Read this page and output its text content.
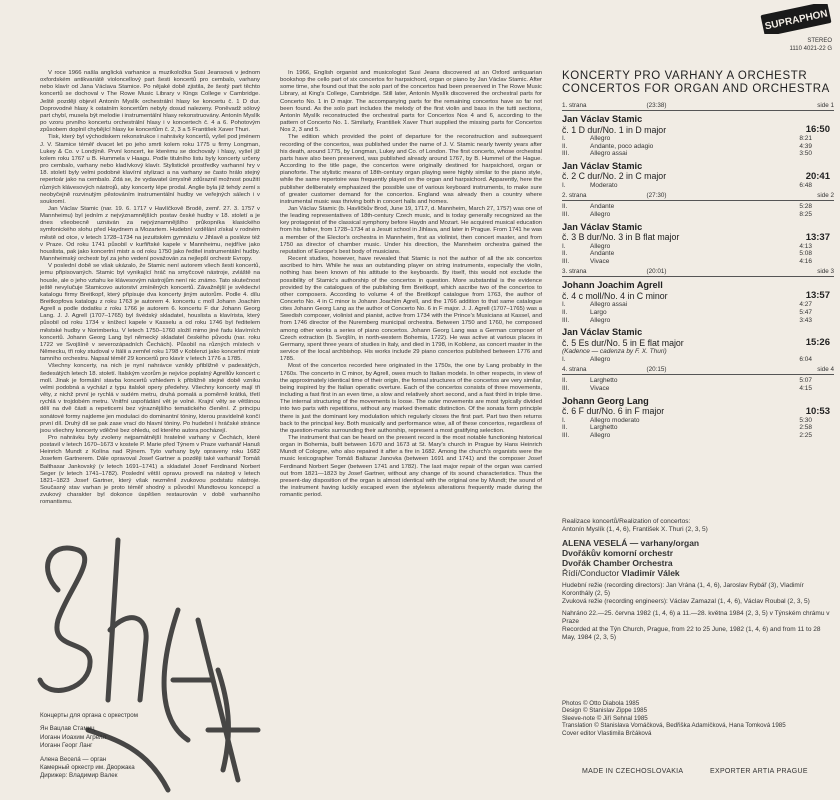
SUPRAPHON
STEREO
1110 4021-22 G

V roce 1966 našla anglická varhanice a muzikoložka Susi Jeansová v jednom oxfordském antikvariátě violoncellový part šesti koncertů pro cembalo, varhany nebo klavír od Jana Václava Stamice. Po nějaké době zjistila, že šestý part těchto koncertů se dochoval v The Rowe Music Library v Kings College v Cambridge. Ještě později objevil Antonín Myslík orchestrální hlasy ke koncertu č. 1 D dur. Doprovodné hlasy k ostatním koncertům nebyly dosud nalezeny. Poněvadž sólový part chybí, musela být melodie i instrumentální hlasy rekonstruovány. Antonín Myslík po vzoru prvního koncertu orchestrální hlasy i v koncertech č. 4 a 6. Pohotovým způsobem doplnil chybějící hlasy ke koncertům č. 2, 3 a 5 František Xaver Thuri.

Tisk, který byl východiskem rekonstrukce i nahrávky koncertů, vyšel pod jménem J. V. Stamice téměř dvacet let po jeho smrti kolem roku 1775 u firmy Longman, Lukey & Co. v Londýně. První koncert, ke kterému se dochovaly i hlasy, vyšel již kolem roku 1767 u B. Hummela v Haagu. Podle titulního listu byly koncerty určeny pro cembalo, varhany nebo kladívkový klavír. Stylistické prostředky varhanní hry v 18. století byly velmi podobné klavírní stylizaci a na varhany se často hrálo stejný repertoár jako na cembalo. Zdá se, že vydavatel úmyslně zdůraznil možnost použití různých klávesových nástrojů, aby koncerty lépe prodal. Anglie byla již tehdy zemí s neobyčejně rozvinutým pěstováním instrumentální hudby ve veřejných sálech i v soukromí.

Jan Václav Stamic (nar. 19. 6. 1717 v Havlíčkově Brodě, zemř. 27. 3. 1757 v Mannheimu) byl jedním z nejvýznamnějších postav české hudby v 18. století a je dnes všeobecně uznáván za nejvýznamnějšího průkopníka klasického symfonického slohu před Haydnem a Mozartem. Hudební vzdělání získal v rodném městě od otce, v letech 1728–1734 na jezuitském gymnáziu v Jihlavě a posléze též v Praze. Od roku 1741 působil v kurfiřtské kapele v Mannheimu, nejdříve jako houslista, pak jako koncertní mistr a od roku 1750 jako ředitel instrumentální hudby. Mannheimský orchestr byl za jeho vedení považován za nejlepší orchestr Evropy.

V poslední době se však ukázalo, že Stamic není autorem všech šesti koncertů, jemu připisovaných. Stamic byl vynikající hráč na smyčcové nástroje, zvláště na housle, ale o jeho vztahu ke klávesovým nástrojům není nic známo. Tato skutečnost ještě nevylučuje Stamicovo autorství zmíněných koncertů. Závažnější je svědectví katalogu firmy Breitkopf, který připisuje dva koncerty jiným autorům. Podle 4. dílu Breitkopfova katalogu z roku 1763 je autorem 4. koncertu c moll Johann Joachim Agrell a podle dodatku z roku 1766 je autorem 6. koncertu F dur Johann Georg Lang. J. J. Agrell (1707–1765) byl švédský skladatel, houslista a klavírista, který působil od roku 1734 v knížecí kapele v Kasselu a od roku 1746 byl ředitelem městské hudby v Norimberku. V letech 1750–1760 složil mimo jiné řadu klavírních koncertů. Johann Georg Lang byl německý skladatel českého původu (nar. roku 1722 ve Svojšíně v severozápadních Čechách). Působil na různých místech v Německu, tři roky studoval v Itálii a zemřel roku 1798 v Koblenzi jako koncertní mistr tamního orchestru. Napsal téměř 29 koncertů pro klavír v letech 1776 a 1785.

Všechny koncerty, na nich je nyní nahrávce vznikly přibližně v padesátých, šedesátých letech 18. století. Italským vzorům je nejvíce poplatný Agrellův koncert c moll. Jinak je formální stavba koncertů vzhledem k přibližně stejné době vzniku velmi podobná a vychází z typu italské opery předehry. Všechny koncerty mají tři věty, z nichž první je rychlá v sudém metru, druhá pomalá a poměrně krátká, třetí rychlá v trojdobém metru. Vnitřní uspořádání vět je volné. Krajní věty se většinou dělí na dvě části a repeticemi bez výraznějšího tematického členění. Z principu sonátové formy najdeme jen modulaci do dominantní tóniny, kterou pravidelně končí první díl. Druhý díl se pak zase vrací do hlavní tóniny. Po hudební i hráčské stránce jsou všechny koncerty vděčné bez ohledu, od kterého autora pocházejí.

Pro nahrávku byly zvoleny nejpamátnější hratelné varhany v Čechách, které postavil v letech 1670–1673 v kostele P. Marie před Týnem v Praze varhanář Hanuš Heinrich Mundt z Kolína nad Rýnem. Tyto varhany byly opraveny roku 1682 Josefem Gartnerem. Dále opravoval Josef Gartner a později také varhanář Tomáš Balthasar Jankovský (v letech 1691–1741) a skladatel Josef Ferdinand Norbert Seger (v letech 1741–1782). Poslední větší opravu provedl na nástroji v letech 1821–1823 Josef Gartner, který však nezměnil zvukovou podstatu nástroje. Současný stav varhan je proto téměř shodný s původní Mundtovou koncepcí a zvukový charakter byl dokonce úspěšen restaurován v době varhanního romantismu.

In 1966, English organist and musicologist Susi Jeans discovered at an Oxford antiquarian bookshop the cello part of six concertos for harpsichord, organ or piano by Jan Václav Stamic. After some time, she found out that the solo part of the concertos had been preserved in The Rowe Music Library, at King's College, Cambridge. Still later, Antonín Myslík discovered the orchestral parts for Concerto No. 1 in D major. The accompanying parts for the remaining concertos have so far not been found. As the solo part includes the melody of the first violin and bass in the tutti sections, Antonín Myslík reconstructed the orchestral parts for Concertos Nos 4 and 6, according to the pattern of Concerto No. 1. Similarly, František Xaver Thuri supplied the missing parts for Concertos Nos 2, 3 and 5.

The edition which provided the point of departure for the reconstruction and subsequent recording of the concertos, was published under the name of J. V. Stamic nearly twenty years after his death, around 1775, by Longman, Lukey and Co. of London. The first concerto, whose orchestral parts have also been preserved, was published already around 1767, by B. Hummel of the Hague. According to the title page, the concertos were originally destined for harpsichord, organ or pianoforte. The stylistic means of 18th-century organ playing were highly similar to the piano style, while the same repertoire was frequently played on the organ and harpsichord. Apparently, here the publisher deliberately emphasized the possible use of various keyboard instruments, to make sure of greater customer demand for the concertos. England was already then a country where instrumental music was thriving both in concert halls and homes.

Jan Václav Stamic (b. Havlíčkův Brod, June 19, 1717, d. Mannheim, March 27, 1757) was one of the leading representatives of 18th-century Czech music, and is today generally recognized as the key protagonist of the classical symphony before Haydn and Mozart. He acquired musical education from his father, from 1728–1734 at a Jesuit school in Jihlava, and later in Prague. From 1741 he was a member of the Elector's orchestra in Mannheim, first as violinist, then concert master, and from 1750 as director of chamber music. Under his direction, the Mannheim orchestra gained the reputation of Europe's best body of musicians.

Recent studies, however, have revealed that Stamic is not the author of all the six concertos ascribed to him. While he was an outstanding player on string instruments, especially the violin, nothing has been known of his attitude to the keyboards. By itself, this would not exclude the possibility of Stamic's authorship of the concertos in question. More substantial is the evidence provided by the catalogues of the publishing firm Breitkopf, which ascribe two of the concertos to other composers. According to volume 4 of the Breitkopf catalogue from 1763, the author of Concerto No. 4 in C minor is Johann Joachim Agrell, and the 1766 addition to that same catalogue cites Johann Georg Lang as the author of Concerto No. 6 in F major. J. J. Agrell (1707–1765) was a Swedish composer, violinist and pianist, active from 1734 with the Prince's Musicians at Kassel, and from 1746 director of the Nuremberg municipal orchestra. Between 1750 and 1760, he composed among other works a series of piano concertos. Johann Georg Lang was a German composer of Czech extraction (b. Svojšín, in north-western Bohemia, 1722). He was active at various places in Germany, spent three years of studies in Italy, and died in 1798, in Koblenz, as concert master in the service of the local archbishop. His works include 29 piano concertos published between 1776 and 1785.

Most of the concertos recorded here originated in the 1750s, the one by Lang probably in the 1760s. The concerto in C minor, by Agrell, owes much to Italian models. In other respects, in view of the approximately identical time of their origin, the formal structures of the concertos are very similar, being inspired by the Italian operatic overture. Each of the concertos consists of three movements, including a fast first in an even time, a slow and relatively short second, and a fast third in triple time. The internal structuring of the movements is loose. The outer movements are most typically divided into two parts with repetitions, without any marked thematic distinction. Of the sonata form principle there is just the dominant key modulation which regularly closes the first part. Part two then returns back to the principal key. Both musically and performance wise, all of these concertos, regardless of the question-marks surrounding their authorship, represent a most gratifying selection.

The instrument that can be heard on the present record is the most notable functioning historical organ in Bohemia, built between 1670 and 1673 at St. Mary's church in Prague by Hans Heinrich Mundt of Cologne, who also repaired it after a fire in 1682. Among the church's organists were the music lexicographer Tomáš Baltazar Janovka (between 1691 and 1741) and the composer Josef Ferdinand Norbert Seger (between 1741 and 1782). The last major repair of the organ was carried out from 1821—1823 by Josef Gartner, without any change of its sound characteristics. Thus the present-day disposition of the organ is almost identical with the original one by Mundt; the sound of the instrument having luckily escaped even the styleless alterations frequently made during the romantic period.

Концерты для органа с оркестром
Ян Вацлав Стамиц
Иоганн Иоахим Агрелл
Иоганн Георг Ланг
Алена Веселá — орган
Камерный оркестр им. Дворжака
Дирижер: Владимир Валек
KONCERTY PRO VARHANY A ORCHESTR
CONCERTOS FOR ORGAN AND ORCHESTRA
1. strana	(23:38)	side 1
Jan Václav Stamic
č. 1 D dur/No. 1 in D major	16:50
I.	Allegro	8:21
II.	Andante, poco adagio	4:39
III.	Allegro assai	3:50
Jan Václav Stamic
č. 2 C dur/No. 2 in C major	20:41
I.	Moderato	6:48
2. strana	(27:30)	side 2
II.	Andante	5:28
III.	Allegro	8:25
Jan Václav Stamic
č. 3 B dur/No. 3 in B flat major	13:37
I.	Allegro	4:13
II.	Andante	5:08
III.	Vivace	4:16
3. strana	(20:01)	side 3
Johann Joachim Agrell
č. 4 c moll/No. 4 in C minor	13:57
I.	Allegro assai	4:27
II.	Largo	5:47
III.	Allegro	3:43
Jan Václav Stamic
č. 5 Es dur/No. 5 in E flat major	15:26
(Kadence — cadenza by F. X. Thuri)
I.	Allegro	6:04
4. strana	(20:15)	side 4
II.	Larghetto	5:07
III.	Vivace	4:15
Johann Georg Lang
č. 6 F dur/No. 6 in F major	10:53
I.	Allegro moderato	5:30
II.	Larghetto	2:58
III.	Allegro	2:25
Realizace koncertů/Realization of concertos:
Antonín Myslík (1, 4, 6), František X. Thuri (2, 3, 5)
ALENA VESELÁ — varhany/organ
Dvořákův komorní orchestr
Dvořák Chamber Orchestra
Řídí/Conductor Vladimír Válek
Hudební režie (recording directors): Jan Vrána (1, 4, 6), Jaroslav Rybář (3), Vladimír Koronthály (2, 5)
Zvuková režie (recording engineers): Václav Zamazal (1, 4, 6), Václav Roubal (2, 3, 5)
Nahráno 22.—25. června 1982 (1, 4, 6) a 11.—28. května 1984 (2, 3, 5) v Týnském chrámu v Praze
Recorded at the Týn Church, Prague, from 22 to 25 June, 1982 (1, 4, 6) and from 11 to 28 May, 1984 (2, 3, 5)
Photos © Otto Diabola 1985
Design © Stanislav Zippe 1985
Sleeve-note © Jiří Sehnal 1985
Translation © Stanislava Vomáčková, Bedřiška Adamíčková, Hana Tomková 1985
Cover editor Vlastimila Brčáková
MADE IN CZECHOSLOVAKIA	EXPORTER ARTIA PRAGUE
